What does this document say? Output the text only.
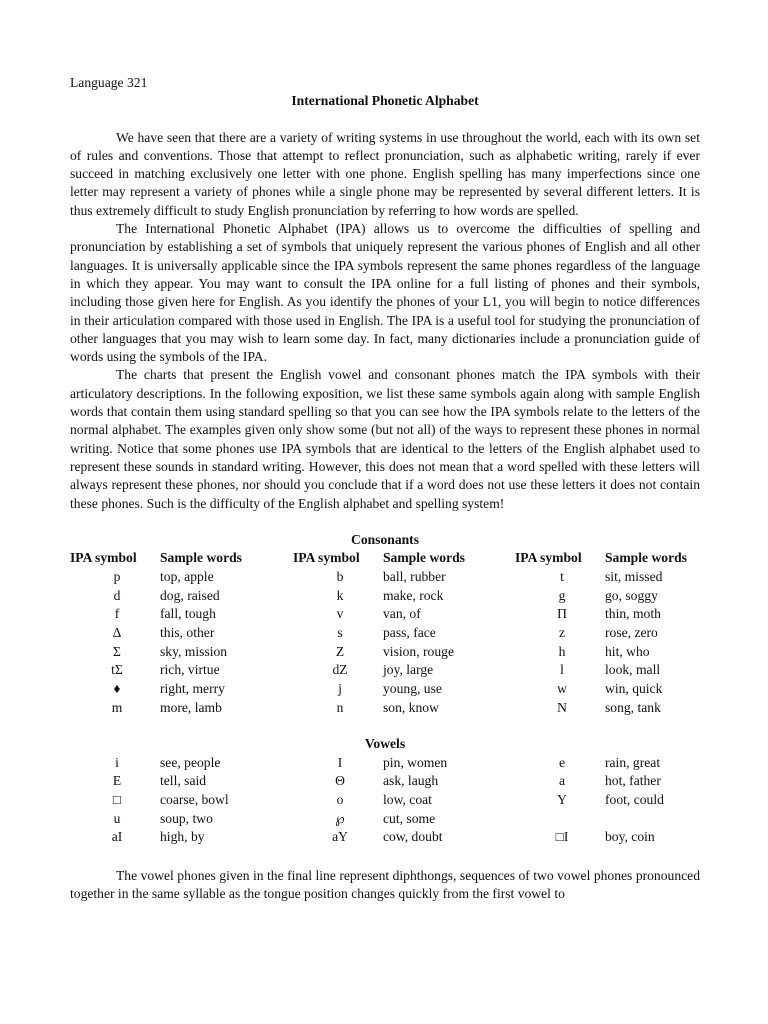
Language 321

International Phonetic Alphabet

We have seen that there are a variety of writing systems in use throughout the world, each with its own set of rules and conventions. Those that attempt to reflect pronunciation, such as alphabetic writing, rarely if ever succeed in matching exclusively one letter with one phone. English spelling has many imperfections since one letter may represent a variety of phones while a single phone may be represented by several different letters. It is thus extremely difficult to study English pronunciation by referring to how words are spelled.

The International Phonetic Alphabet (IPA) allows us to overcome the difficulties of spelling and pronunciation by establishing a set of symbols that uniquely represent the various phones of English and all other languages. It is universally applicable since the IPA symbols represent the same phones regardless of the language in which they appear. You may want to consult the IPA online for a full listing of phones and their symbols, including those given here for English. As you identify the phones of your L1, you will begin to notice differences in their articulation compared with those used in English. The IPA is a useful tool for studying the pronunciation of other languages that you may wish to learn some day. In fact, many dictionaries include a pronunciation guide of words using the symbols of the IPA.

The charts that present the English vowel and consonant phones match the IPA symbols with their articulatory descriptions. In the following exposition, we list these same symbols again along with sample English words that contain them using standard spelling so that you can see how the IPA symbols relate to the letters of the normal alphabet. The examples given only show some (but not all) of the ways to represent these phones in normal writing. Notice that some phones use IPA symbols that are identical to the letters of the English alphabet used to represent these sounds in standard writing. However, this does not mean that a word spelled with these letters will always represent these phones, nor should you conclude that if a word does not use these letters it does not contain these phones. Such is the difficulty of the English alphabet and spelling system!

Consonants

IPA symbol	Sample words	IPA symbol	Sample words	IPA symbol	Sample words
p	top, apple	b	ball, rubber	t	sit, missed
d	dog, raised	k	make, rock	g	go, soggy
f	fall, tough	v	van, of	Π	thin, moth
Δ	this, other	s	pass, face	z	rose, zero
Σ	sky, mission	Z	vision, rouge	h	hit, who
tΣ	rich, virtue	dZ	joy, large	l	look, mall
♦	right, merry	j	young, use	w	win, quick
m	more, lamb	n	son, know	N	song, tank

Vowels

i	see, people	I	pin, women	e	rain, great
E	tell, said	Θ	ask, laugh	a	hot, father
□	coarse, bowl	o	low, coat	Y	foot, could
u	soup, two	℘	cut, some
aI	high, by	aY	cow, doubt	□I	boy, coin

The vowel phones given in the final line represent diphthongs, sequences of two vowel phones pronounced together in the same syllable as the tongue position changes quickly from the first vowel to
